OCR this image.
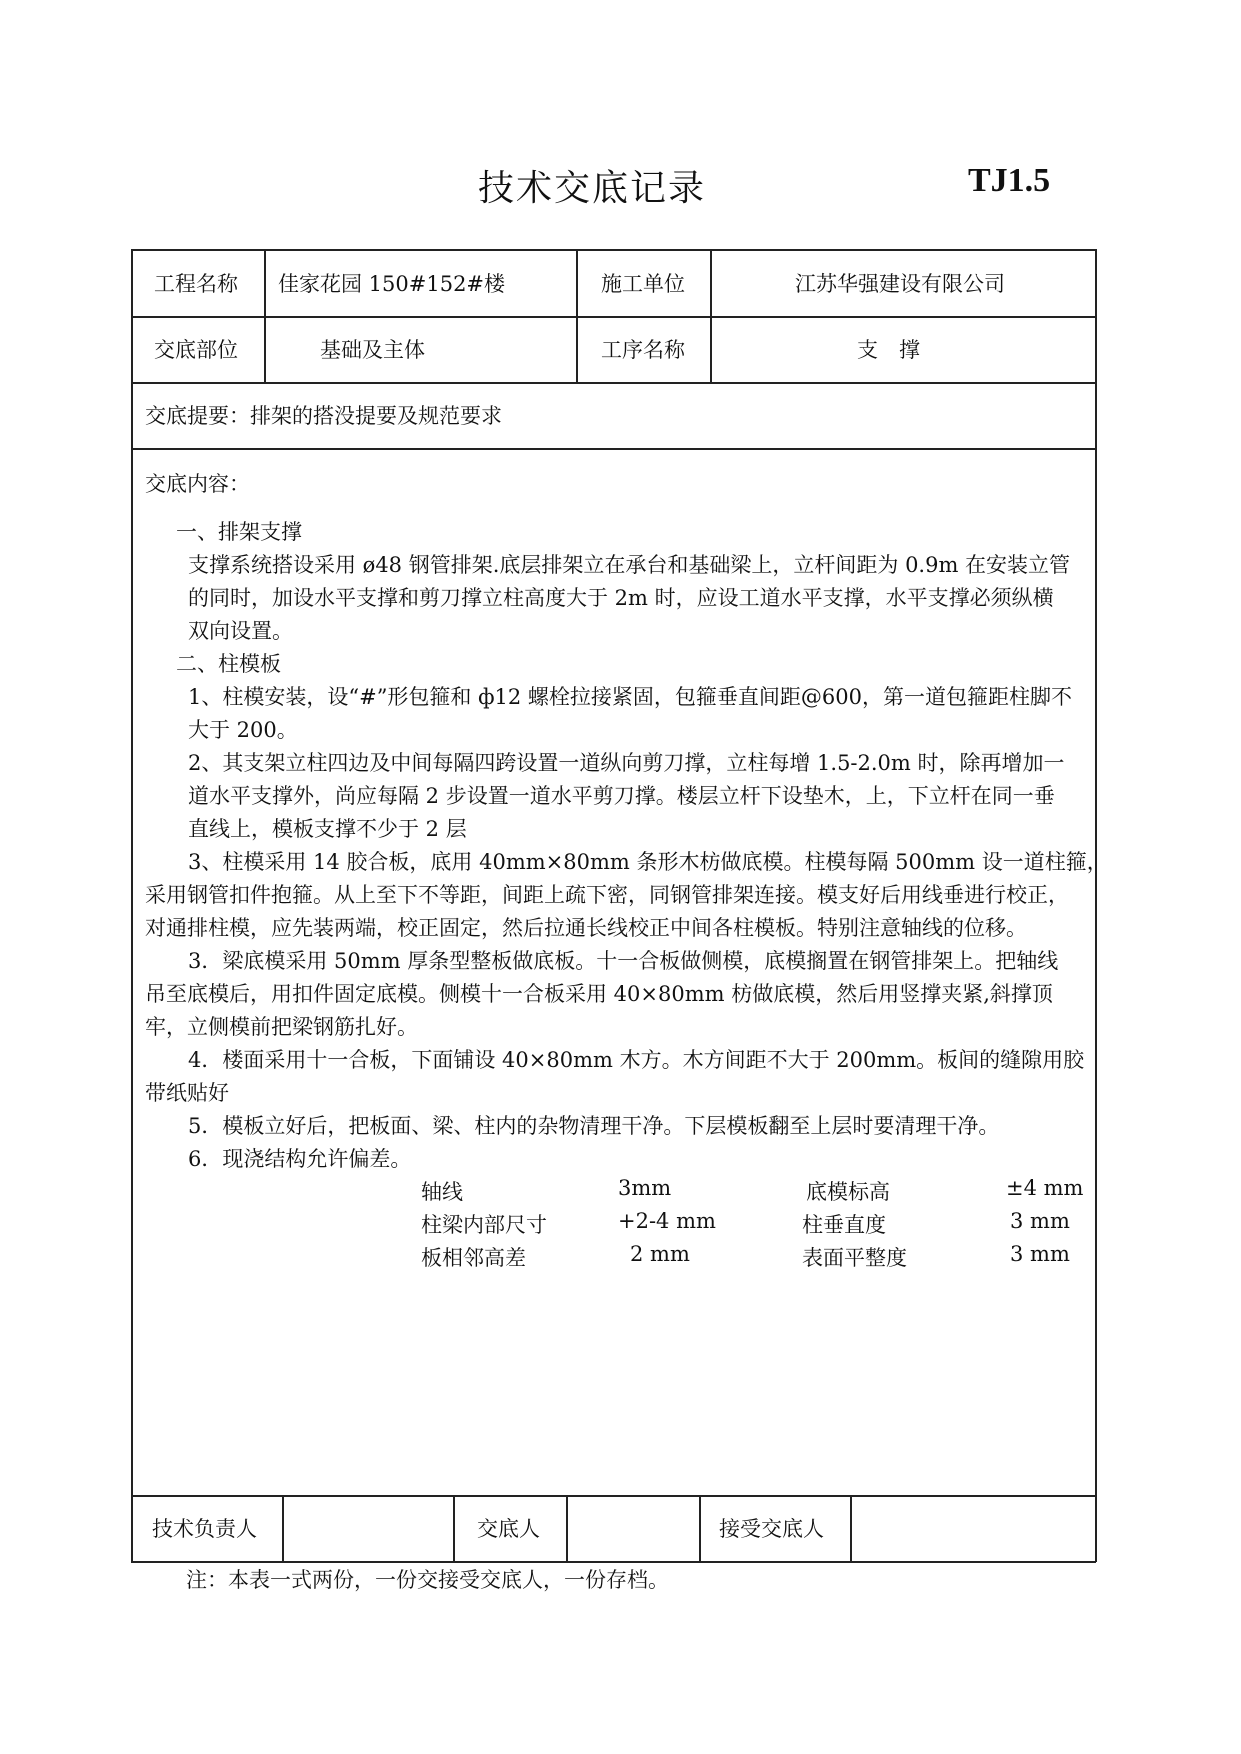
技术交底记录	TJ1.5
工程名称 佳家花园 150#152#楼	施工单位	江苏华强建设有限公司
交底部位	基础及主体	工序名称	支　撑
交底提要：排架的搭没提要及规范要求
交底内容：
一、排架支撑
支撑系统搭设采用 ø48 钢管排架.底层排架立在承台和基础梁上，立杆间距为 0.9m 在安装立管
的同时，加设水平支撑和剪刀撑立柱高度大于 2m 时，应设工道水平支撑，水平支撑必须纵横
双向设置。
二、柱模板
1、柱模安装，设“#”形包箍和 ф12 螺栓拉接紧固，包箍垂直间距@600，第一道包箍距柱脚不
大于 200。
2、其支架立柱四边及中间每隔四跨设置一道纵向剪刀撑，立柱每增 1.5-2.0m 时，除再增加一
道水平支撑外，尚应每隔 2 步设置一道水平剪刀撑。楼层立杆下设垫木，上，下立杆在同一垂
直线上，模板支撑不少于 2 层
3、柱模采用 14 胶合板，底用 40mm×80mm 条形木枋做底模。柱模每隔 500mm 设一道柱箍，
采用钢管扣件抱箍。从上至下不等距，间距上疏下密，同钢管排架连接。模支好后用线垂进行校正，
对通排柱模，应先装两端，校正固定，然后拉通长线校正中间各柱模板。特别注意轴线的位移。
3．梁底模采用 50mm 厚条型整板做底板。十一合板做侧模，底模搁置在钢管排架上。把轴线
吊至底模后，用扣件固定底模。侧模十一合板采用 40×80mm 枋做底模，然后用竖撑夹紧,斜撑顶
牢，立侧模前把梁钢筋扎好。
4．楼面采用十一合板，下面铺设 40×80mm 木方。木方间距不大于 200mm。板间的缝隙用胶
带纸贴好
5．模板立好后，把板面、梁、柱内的杂物清理干净。下层模板翻至上层时要清理干净。
6．现浇结构允许偏差。
轴线	3mm	底模标高	±4 mm
柱梁内部尺寸	+2-4 mm	柱垂直度	3 mm
板相邻高差	2 mm	表面平整度	3 mm
技术负责人	交底人	接受交底人
注：本表一式两份，一份交接受交底人，一份存档。
